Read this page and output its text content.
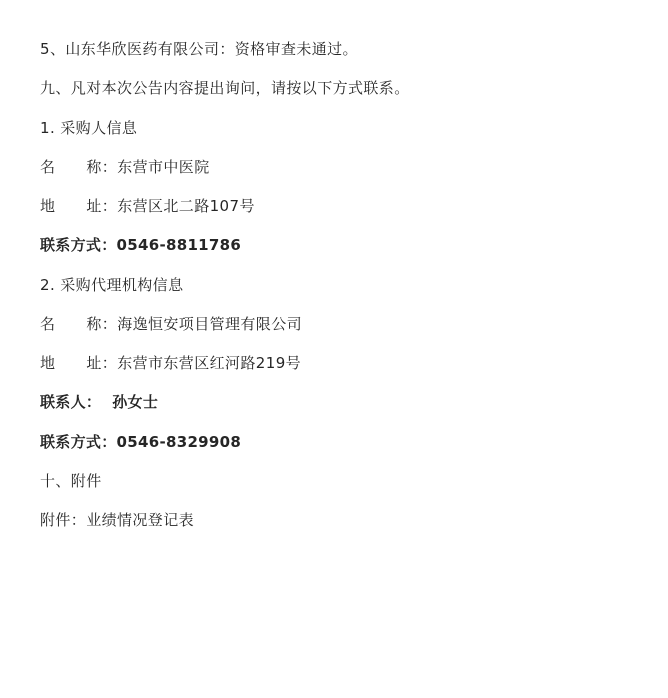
5、山东华欣医药有限公司：资格审查未通过。

九、凡对本次公告内容提出询问，请按以下方式联系。

1. 采购人信息

名      称：东营市中医院

地      址：东营区北二路107号

联系方式：0546-8811786

2. 采购代理机构信息

名      称：海逸恒安项目管理有限公司

地      址：东营市东营区红河路219号

联系人：  孙女士

联系方式：0546-8329908

十、附件

附件：业绩情况登记表
